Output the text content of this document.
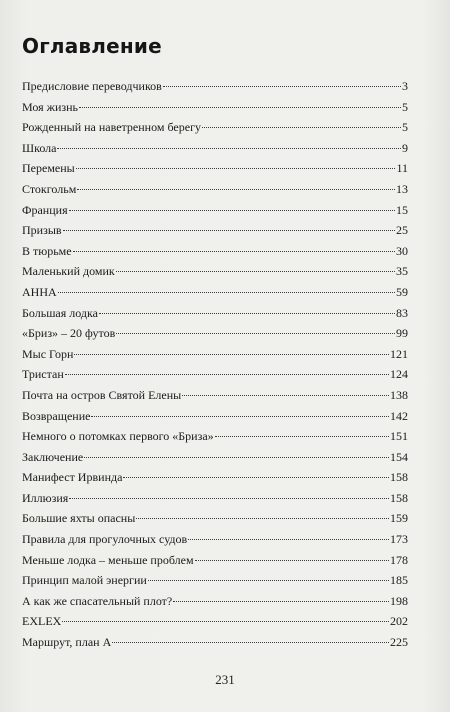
Оглавление
Предисловие переводчиков	3
Моя жизнь	5
Рожденный на наветренном берегу	5
Школа	9
Перемены	11
Стокгольм	13
Франция	15
Призыв	25
В тюрьме	30
Маленький домик	35
АННА	59
Большая лодка	83
«Бриз» – 20 футов	99
Мыс Горн	121
Тристан	124
Почта на остров Святой Елены	138
Возвращение	142
Немного о потомках первого «Бриза»	151
Заключение	154
Манифест Ирвинда	158
Иллюзия	158
Большие яхты опасны	159
Правила для прогулочных судов	173
Меньше лодка – меньше проблем	178
Принцип малой энергии	185
А как же спасательный плот?	198
EXLEX	202
Маршрут, план А	225
231
